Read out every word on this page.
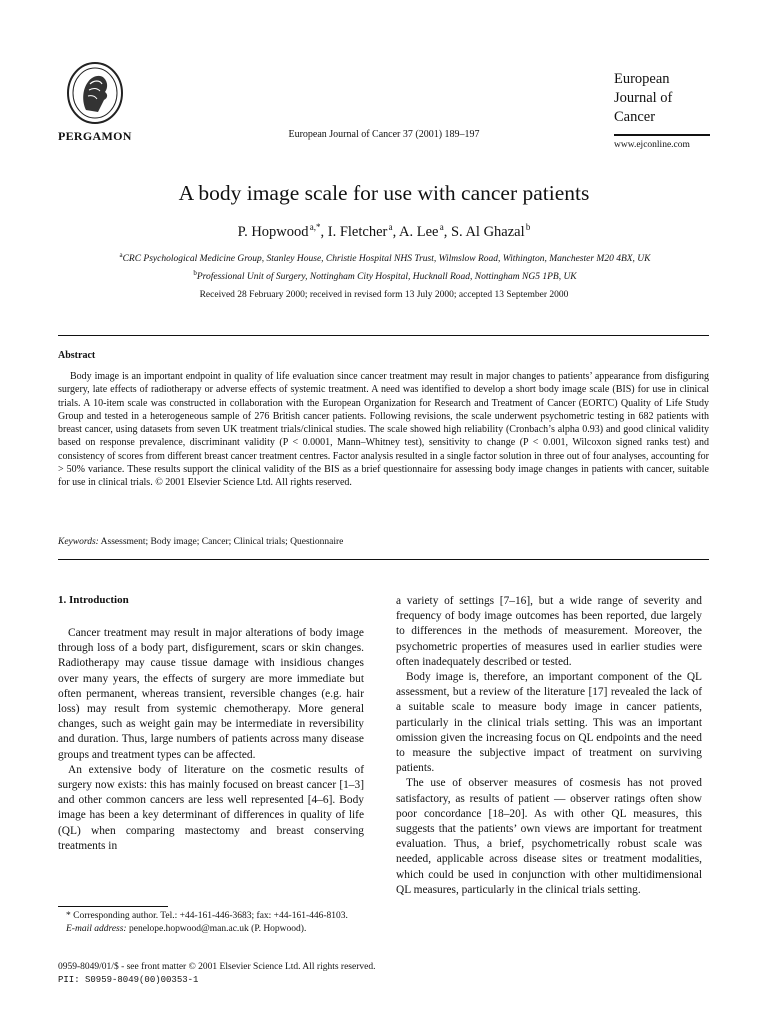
PERGAMON	European Journal of Cancer 37 (2001) 189–197
European
Journal of
Cancer
www.ejconline.com
A body image scale for use with cancer patients
P. Hopwood $^{a,*}$, I. Fletcher $^a$, A. Lee $^a$, S. Al Ghazal $^b$
$^a$CRC Psychological Medicine Group, Stanley House, Christie Hospital NHS Trust, Wilmslow Road, Withington, Manchester M20 4BX, UK
$^b$Professional Unit of Surgery, Nottingham City Hospital, Hucknall Road, Nottingham NG5 1PB, UK
Received 28 February 2000; received in revised form 13 July 2000; accepted 13 September 2000
Abstract

Body image is an important endpoint in quality of life evaluation since cancer treatment may result in major changes to patients’ appearance from disfiguring surgery, late effects of radiotherapy or adverse effects of systemic treatment. A need was identified to develop a short body image scale (BIS) for use in clinical trials. A 10-item scale was constructed in collaboration with the European Organization for Research and Treatment of Cancer (EORTC) Quality of Life Study Group and tested in a heterogeneous sample of 276 British cancer patients. Following revisions, the scale underwent psychometric testing in 682 patients with breast cancer, using datasets from seven UK treatment trials/clinical studies. The scale showed high reliability (Cronbach’s alpha 0.93) and good clinical validity based on response prevalence, discriminant validity (P < 0.0001, Mann–Whitney test), sensitivity to change (P < 0.001, Wilcoxon signed ranks test) and consistency of scores from different breast cancer treatment centres. Factor analysis resulted in a single factor solution in three out of four analyses, accounting for > 50% variance. These results support the clinical validity of the BIS as a brief questionnaire for assessing body image changes in patients with cancer, suitable for use in clinical trials. © 2001 Elsevier Science Ltd. All rights reserved.

Keywords: Assessment; Body image; Cancer; Clinical trials; Questionnaire
1. Introduction

Cancer treatment may result in major alterations of body image through loss of a body part, disfigurement, scars or skin changes. Radiotherapy may cause tissue damage with insidious changes over many years, the effects of surgery are more immediate but often permanent, whereas transient, reversible changes (e.g. hair loss) may result from systemic chemotherapy. More general changes, such as weight gain may be intermediate in reversibility and duration. Thus, large numbers of patients across many disease groups and treatment types can be affected.

An extensive body of literature on the cosmetic results of surgery now exists: this has mainly focused on breast cancer [1–3] and other common cancers are less well represented [4–6]. Body image has been a key determinant of differences in quality of life (QL) when comparing mastectomy and breast conserving treatments in

a variety of settings [7–16], but a wide range of severity and frequency of body image outcomes has been reported, due largely to differences in the methods of measurement. Moreover, the psychometric properties of measures used in earlier studies were often inadequately described or tested.

Body image is, therefore, an important component of the QL assessment, but a review of the literature [17] revealed the lack of a suitable scale to measure body image in cancer patients, particularly in the clinical trials setting. This was an important omission given the increasing focus on QL endpoints and the need to measure the subjective impact of treatment on surviving patients.

The use of observer measures of cosmesis has not proved satisfactory, as results of patient — observer ratings often show poor concordance [18–20]. As with other QL measures, this suggests that the patients’ own views are important for treatment evaluation. Thus, a brief, psychometrically robust scale was needed, applicable across disease sites or treatment modalities, which could be used in conjunction with other multidimensional QL measures, particularly in the clinical trials setting.

* Corresponding author. Tel.: +44-161-446-3683; fax: +44-161-446-8103.

E-mail address: penelope.hopwood@man.ac.uk (P. Hopwood).

0959-8049/01/$ - see front matter © 2001 Elsevier Science Ltd. All rights reserved.
PII: S0959-8049(00)00353-1
